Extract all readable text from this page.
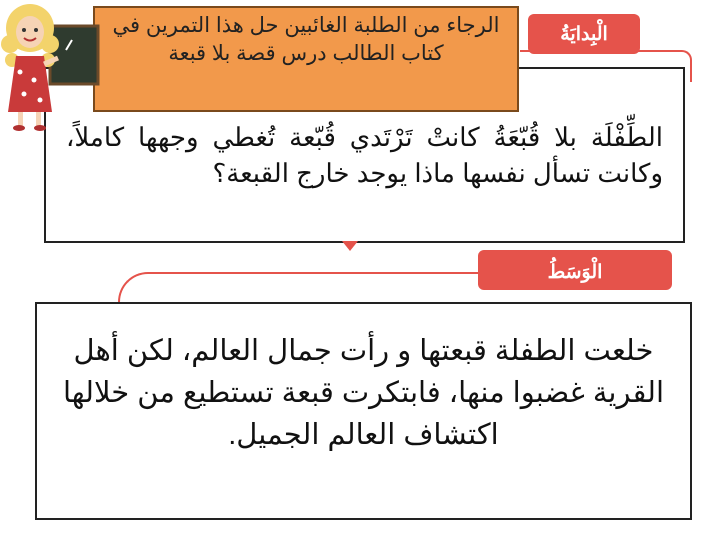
الْبِدايَةُ
الْوَسَطُ
الطِّفْلَة بلا قُبّعَةُ كانتْ تَرْتَدي قُبّعة تُغطي وجهها كاملاً، وكانت تسأل نفسها ماذا يوجد خارج القبعة؟
الرجاء من الطلبة الغائبين حل هذا التمرين في كتاب الطالب درس قصة بلا قبعة
خلعت الطفلة قبعتها و رأت جمال العالم، لكن أهل القرية غضبوا منها، فابتكرت قبعة تستطيع من خلالها اكتشاف العالم الجميل.
